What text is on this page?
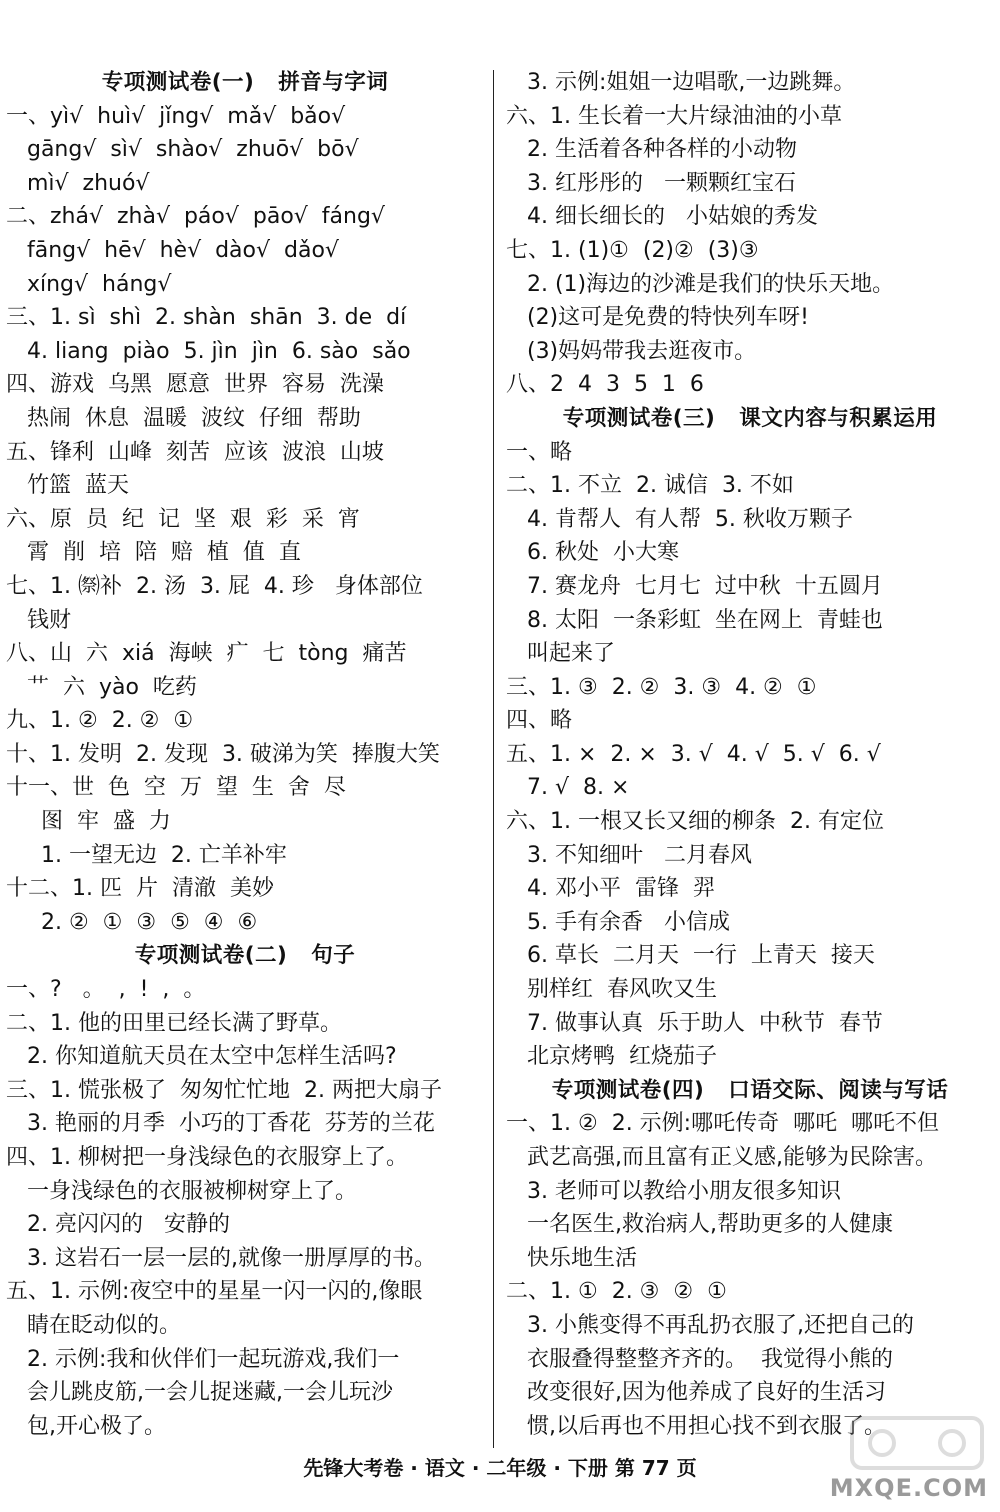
专项测试卷(一)   拼音与字词
一、yì√  huì√  jǐng√  mǎ√  bǎo√
gāng√  sì√  shào√  zhuō√  bō√
mì√  zhuó√
二、zhá√  zhà√  páo√  pāo√  fáng√
fāng√  hē√  hè√  dào√  dǎo√
xíng√  háng√
三、1. sì  shì  2. shàn  shān  3. de  dí
4. liang  piào  5. jìn  jìn  6. sào  sǎo
四、游戏  乌黑  愿意  世界  容易  洗澡
热闹  休息  温暖  波纹  仔细  帮助
五、锋利  山峰  刻苦  应该  波浪  山坡
竹篮  蓝天
六、原  员  纪  记  坚  艰  彩  采  宵
霄  削  培  陪  赔  植  值  直
七、1. ㉀补  2. 汤  3. 屁  4. 珍   身体部位
钱财
八、山  六  xiá  海峡  疒  七  tòng  痛苦
艹  六  yào  吃药
九、1. ②  2. ②  ①
十、1. 发明  2. 发现  3. 破涕为笑  捧腹大笑
十一、世  色  空  万  望  生  舍  尽
图  牢  盛  力
1. 一望无边  2. 亡羊补牢
十二、1. 匹  片  清澈  美妙
2. ②  ①  ③  ⑤  ④  ⑥
专项测试卷(二)   句子
一、?   。  ,  !  ,  。
二、1. 他的田里已经长满了野草。
2. 你知道航天员在太空中怎样生活吗?
三、1. 慌张极了  匆匆忙忙地  2. 两把大扇子
3. 艳丽的月季  小巧的丁香花  芬芳的兰花
四、1. 柳树把一身浅绿色的衣服穿上了。
一身浅绿色的衣服被柳树穿上了。
2. 亮闪闪的   安静的
3. 这岩石一层一层的,就像一册厚厚的书。
五、1. 示例:夜空中的星星一闪一闪的,像眼
睛在眨动似的。
2. 示例:我和伙伴们一起玩游戏,我们一
会儿跳皮筋,一会儿捉迷藏,一会儿玩沙
包,开心极了。
3. 示例:姐姐一边唱歌,一边跳舞。
六、1. 生长着一大片绿油油的小草
2. 生活着各种各样的小动物
3. 红彤彤的   一颗颗红宝石
4. 细长细长的   小姑娘的秀发
七、1. (1)①  (2)②  (3)③
2. (1)海边的沙滩是我们的快乐天地。
(2)这可是免费的特快列车呀!
(3)妈妈带我去逛夜市。
八、2  4  3  5  1  6
专项测试卷(三)   课文内容与积累运用
一、略
二、1. 不立  2. 诚信  3. 不如
4. 肯帮人  有人帮  5. 秋收万颗子
6. 秋处  小大寒
7. 赛龙舟  七月七  过中秋  十五圆月
8. 太阳  一条彩虹  坐在网上  青蛙也
叫起来了
三、1. ③  2. ②  3. ③  4. ②  ①
四、略
五、1. ×  2. ×  3. √  4. √  5. √  6. √
7. √  8. ×
六、1. 一根又长又细的柳条  2. 有定位
3. 不知细叶   二月春风
4. 邓小平  雷锋  羿
5. 手有余香   小信成
6. 草长  二月天  一行  上青天  接天
别样红  春风吹又生
7. 做事认真  乐于助人  中秋节  春节
北京烤鸭  红烧茄子
专项测试卷(四)   口语交际、阅读与写话
一、1. ②  2. 示例:哪吒传奇  哪吒  哪吒不但
武艺高强,而且富有正义感,能够为民除害。
3. 老师可以教给小朋友很多知识
一名医生,救治病人,帮助更多的人健康
快乐地生活
二、1. ①  2. ③  ②  ①
3. 小熊变得不再乱扔衣服了,还把自己的
衣服叠得整整齐齐的。  我觉得小熊的
改变很好,因为他养成了良好的生活习
惯,以后再也不用担心找不到衣服了。
先锋大考卷 · 语文 · 二年级 · 下册 第 77 页
MXQE.COM
